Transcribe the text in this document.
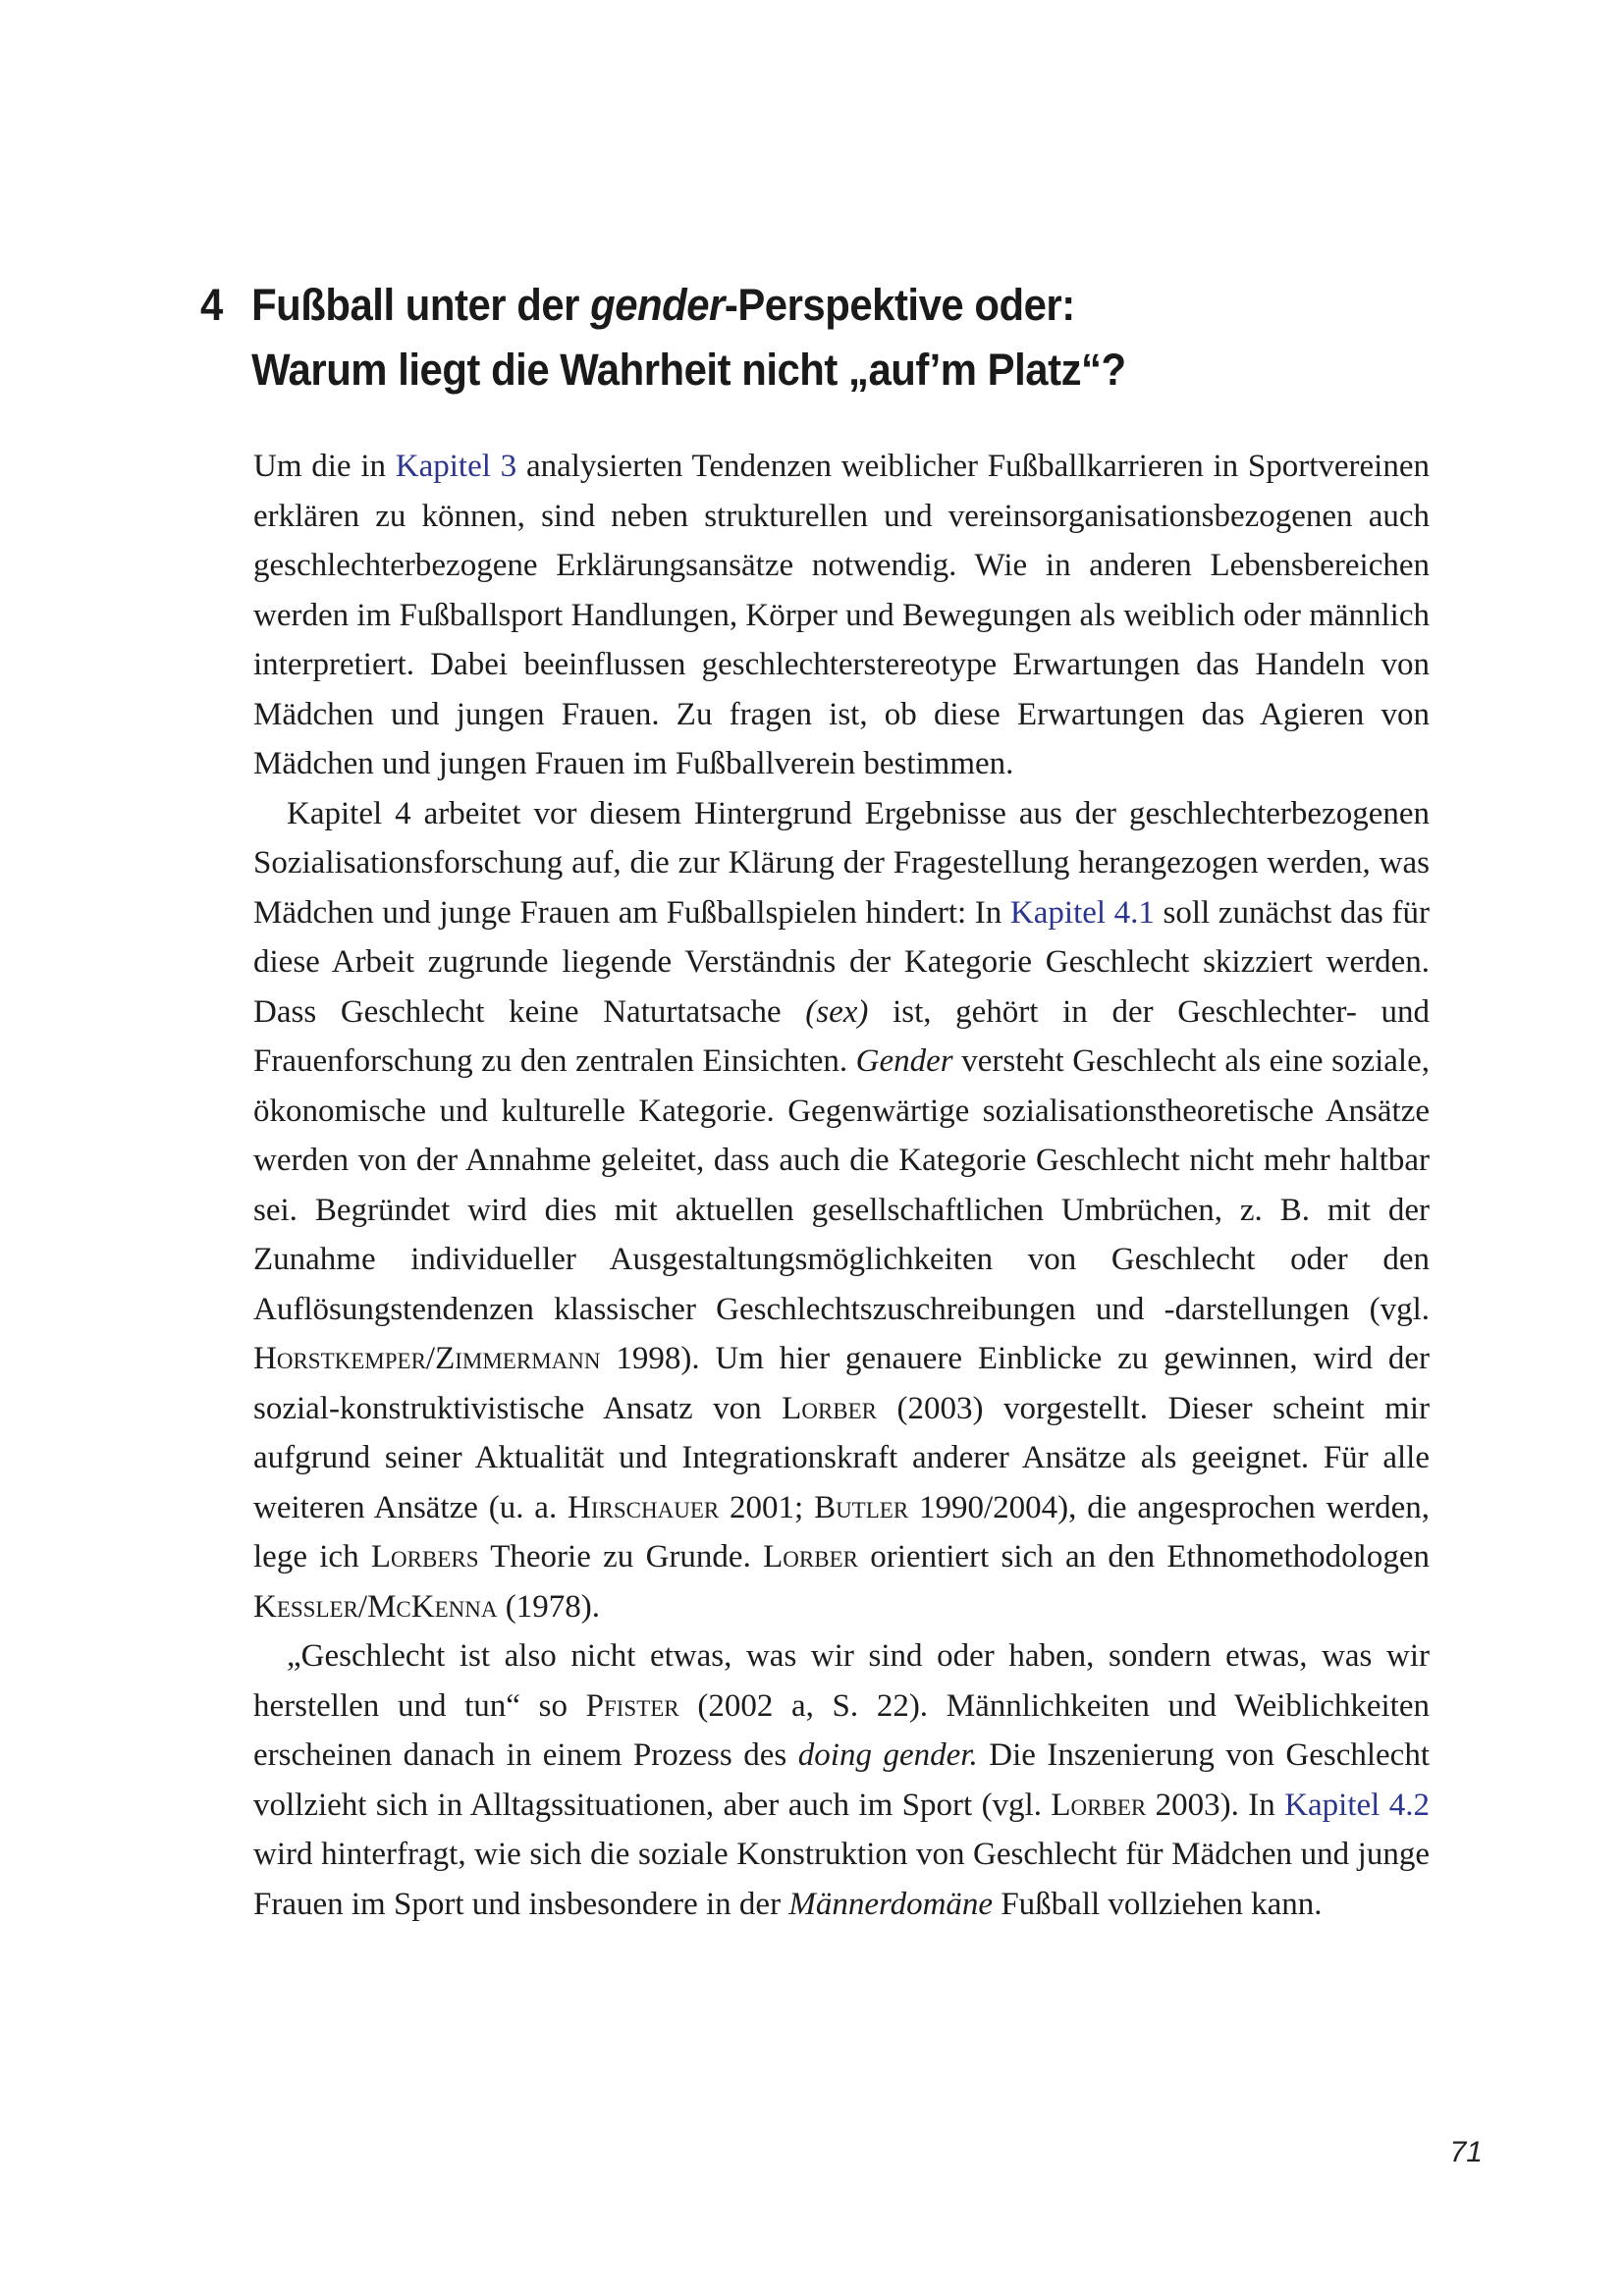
4 Fußball unter der gender-Perspektive oder:
Warum liegt die Wahrheit nicht „auf’m Platz“?

Um die in Kapitel 3 analysierten Tendenzen weiblicher Fußballkarrieren in Sportvereinen erklären zu können, sind neben strukturellen und vereinsorganisationsbezogenen auch geschlechterbezogene Erklärungsansätze notwendig. Wie in anderen Lebensbereichen werden im Fußballsport Handlungen, Körper und Bewegungen als weiblich oder männlich interpretiert. Dabei beeinflussen geschlechterstereotype Erwartungen das Handeln von Mädchen und jungen Frauen. Zu fragen ist, ob diese Erwartungen das Agieren von Mädchen und jungen Frauen im Fußballverein bestimmen.

Kapitel 4 arbeitet vor diesem Hintergrund Ergebnisse aus der geschlechterbezogenen Sozialisationsforschung auf, die zur Klärung der Fragestellung herangezogen werden, was Mädchen und junge Frauen am Fußballspielen hindert: In Kapitel 4.1 soll zunächst das für diese Arbeit zugrunde liegende Verständnis der Kategorie Geschlecht skizziert werden. Dass Geschlecht keine Naturtatsache (sex) ist, gehört in der Geschlechter- und Frauenforschung zu den zentralen Einsichten. Gender versteht Geschlecht als eine soziale, ökonomische und kulturelle Kategorie. Gegenwärtige sozialisationstheoretische Ansätze werden von der Annahme geleitet, dass auch die Kategorie Geschlecht nicht mehr haltbar sei. Begründet wird dies mit aktuellen gesellschaftlichen Umbrüchen, z. B. mit der Zunahme individueller Ausgestaltungsmöglichkeiten von Geschlecht oder den Auflösungstendenzen klassischer Geschlechtszuschreibungen und -darstellungen (vgl. Horstkemper/Zimmermann 1998). Um hier genauere Einblicke zu gewinnen, wird der sozial-konstruktivistische Ansatz von Lorber (2003) vorgestellt. Dieser scheint mir aufgrund seiner Aktualität und Integrationskraft anderer Ansätze als geeignet. Für alle weiteren Ansätze (u. a. Hirschauer 2001; Butler 1990/2004), die angesprochen werden, lege ich Lorbers Theorie zu Grunde. Lorber orientiert sich an den Ethnomethodologen Kessler/McKenna (1978).

„Geschlecht ist also nicht etwas, was wir sind oder haben, sondern etwas, was wir herstellen und tun“ so Pfister (2002 a, S. 22). Männlichkeiten und Weiblichkeiten erscheinen danach in einem Prozess des doing gender. Die Inszenierung von Geschlecht vollzieht sich in Alltagssituationen, aber auch im Sport (vgl. Lorber 2003). In Kapitel 4.2 wird hinterfragt, wie sich die soziale Konstruktion von Geschlecht für Mädchen und junge Frauen im Sport und insbesondere in der Männerdomäne Fußball vollziehen kann.

71
